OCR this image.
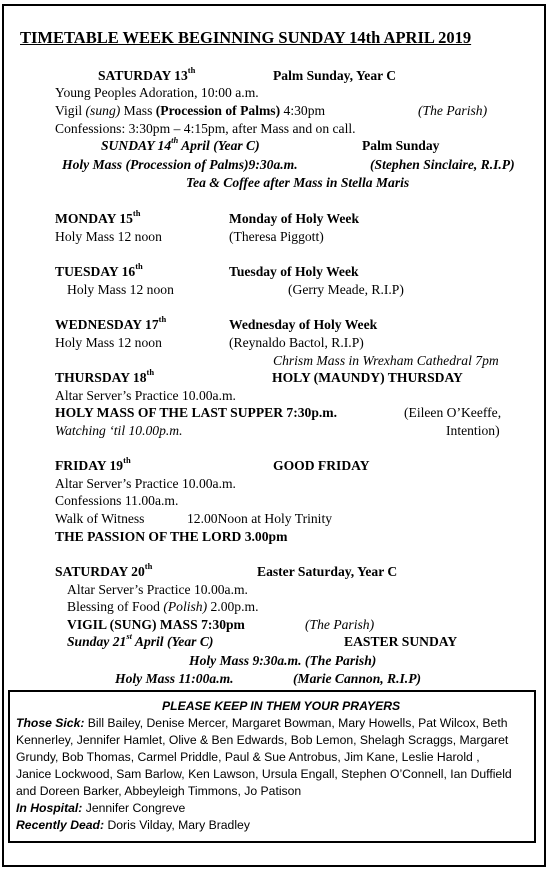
TIMETABLE WEEK BEGINNING SUNDAY 14th APRIL 2019
SATURDAY 13th	Palm Sunday, Year C
Young Peoples Adoration, 10:00 a.m.
Vigil (sung) Mass (Procession of Palms) 4:30pm	(The Parish)
Confessions: 3:30pm – 4:15pm, after Mass and on call.
SUNDAY 14th April (Year C)	Palm Sunday
Holy Mass (Procession of Palms)9:30a.m.	(Stephen Sinclaire, R.I.P)
Tea & Coffee after Mass in Stella Maris
MONDAY 15th	Monday of Holy Week
Holy Mass 12 noon	(Theresa Piggott)
TUESDAY 16th	Tuesday of Holy Week
Holy Mass 12 noon	(Gerry Meade, R.I.P)
WEDNESDAY 17th	Wednesday of Holy Week
Holy Mass 12 noon	(Reynaldo Bactol, R.I.P)
Chrism Mass in Wrexham Cathedral 7pm
THURSDAY 18th	HOLY (MAUNDY) THURSDAY
Altar Server’s Practice 10.00a.m.
HOLY MASS OF THE LAST SUPPER 7:30p.m.	(Eileen O’Keeffe,
Watching ‘til 10.00p.m.	Intention)
FRIDAY 19th	GOOD FRIDAY
Altar Server’s Practice 10.00a.m.
Confessions 11.00a.m.
Walk of Witness	12.00Noon at Holy Trinity
THE PASSION OF THE LORD 3.00pm
SATURDAY 20th	Easter Saturday, Year C
Altar Server’s Practice 10.00a.m.
Blessing of Food (Polish) 2.00p.m.
VIGIL (SUNG) MASS 7:30pm	(The Parish)
Sunday 21st April (Year C)	EASTER SUNDAY
Holy Mass 9:30a.m. (The Parish)
Holy Mass 11:00a.m.	(Marie Cannon, R.I.P)
PLEASE KEEP IN THEM YOUR PRAYERS
Those Sick: Bill Bailey, Denise Mercer, Margaret Bowman, Mary Howells, Pat Wilcox, Beth
Kennerley, Jennifer Hamlet, Olive & Ben Edwards, Bob Lemon, Shelagh Scraggs, Margaret
Grundy, Bob Thomas, Carmel Priddle, Paul & Sue Antrobus, Jim Kane, Leslie Harold ,
Janice Lockwood, Sam Barlow, Ken Lawson, Ursula Engall, Stephen O’Connell, Ian Duffield
and Doreen Barker, Abbeyleigh Timmons, Jo Patison
In Hospital: Jennifer Congreve
Recently Dead: Doris Vilday, Mary Bradley
